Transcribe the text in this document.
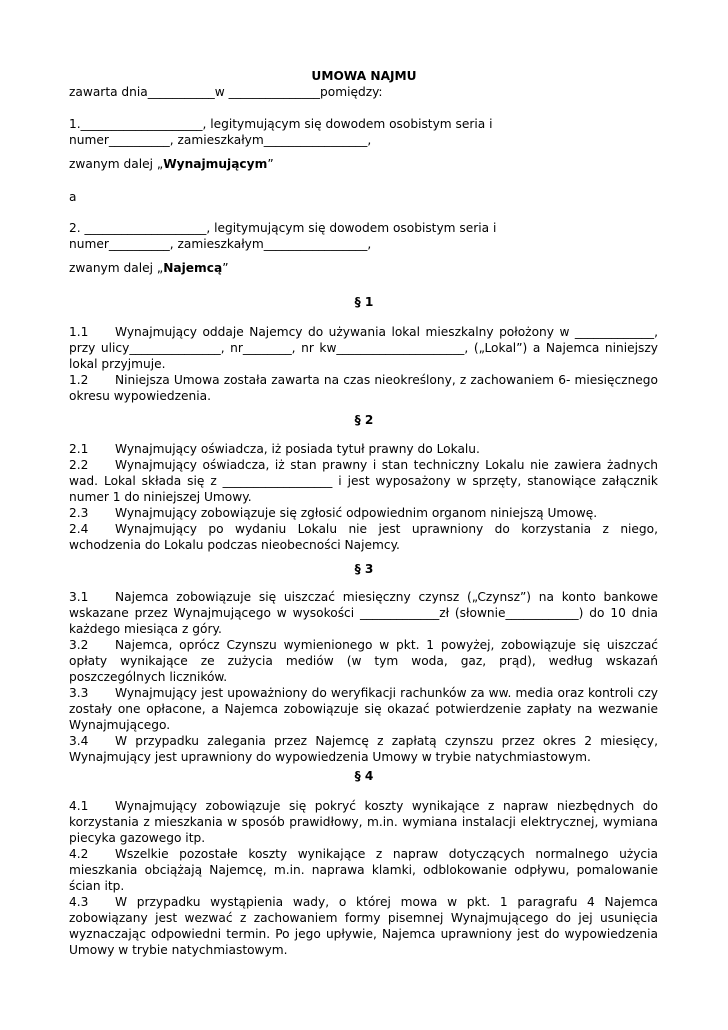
UMOWA NAJMU
zawarta dnia___________w _______________pomiędzy:
1.____________________, legitymującym się dowodem osobistym seria i
numer__________, zamieszkałym_________________,
zwanym dalej „Wynajmującym”
a
2. ____________________, legitymującym się dowodem osobistym seria i
numer__________, zamieszkałym_________________,
zwanym dalej „Najemcą”
§ 1
1.1 Wynajmujący oddaje Najemcy do używania lokal mieszkalny położony w _____________, przy ulicy_______________, nr________, nr kw_____________________, („Lokal”) a Najemca niniejszy lokal przyjmuje.
1.2 Niniejsza Umowa została zawarta na czas nieokreślony, z zachowaniem 6- miesięcznego okresu wypowiedzenia.
§ 2
2.1 Wynajmujący oświadcza, iż posiada tytuł prawny do Lokalu.
2.2 Wynajmujący oświadcza, iż stan prawny i stan techniczny Lokalu nie zawiera żadnych wad. Lokal składa się z __________________ i jest wyposażony w sprzęty, stanowiące załącznik numer 1 do niniejszej Umowy.
2.3 Wynajmujący zobowiązuje się zgłosić odpowiednim organom niniejszą Umowę.
2.4 Wynajmujący po wydaniu Lokalu nie jest uprawniony do korzystania z niego, wchodzenia do Lokalu podczas nieobecności Najemcy.
§ 3
3.1 Najemca zobowiązuje się uiszczać miesięczny czynsz („Czynsz”) na konto bankowe wskazane przez Wynajmującego w wysokości _____________zł (słownie____________) do 10 dnia każdego miesiąca z góry.
3.2 Najemca, oprócz Czynszu wymienionego w pkt. 1 powyżej, zobowiązuje się uiszczać opłaty wynikające ze zużycia mediów (w tym woda, gaz, prąd), według wskazań poszczególnych liczników.
3.3 Wynajmujący jest upoważniony do weryfikacji rachunków za ww. media oraz kontroli czy zostały one opłacone, a Najemca zobowiązuje się okazać potwierdzenie zapłaty na wezwanie Wynajmującego.
3.4 W przypadku zalegania przez Najemcę z zapłatą czynszu przez okres 2 miesięcy, Wynajmujący jest uprawniony do wypowiedzenia Umowy w trybie natychmiastowym.
§ 4
4.1 Wynajmujący zobowiązuje się pokryć koszty wynikające z napraw niezbędnych do korzystania z mieszkania w sposób prawidłowy, m.in. wymiana instalacji elektrycznej, wymiana piecyka gazowego itp.
4.2 Wszelkie pozostałe koszty wynikające z napraw dotyczących normalnego użycia mieszkania obciążają Najemcę, m.in. naprawa klamki, odblokowanie odpływu, pomalowanie ścian itp.
4.3 W przypadku wystąpienia wady, o której mowa w pkt. 1 paragrafu 4 Najemca zobowiązany jest wezwać z zachowaniem formy pisemnej Wynajmującego do jej usunięcia wyznaczając odpowiedni termin. Po jego upływie, Najemca uprawniony jest do wypowiedzenia Umowy w trybie natychmiastowym.
